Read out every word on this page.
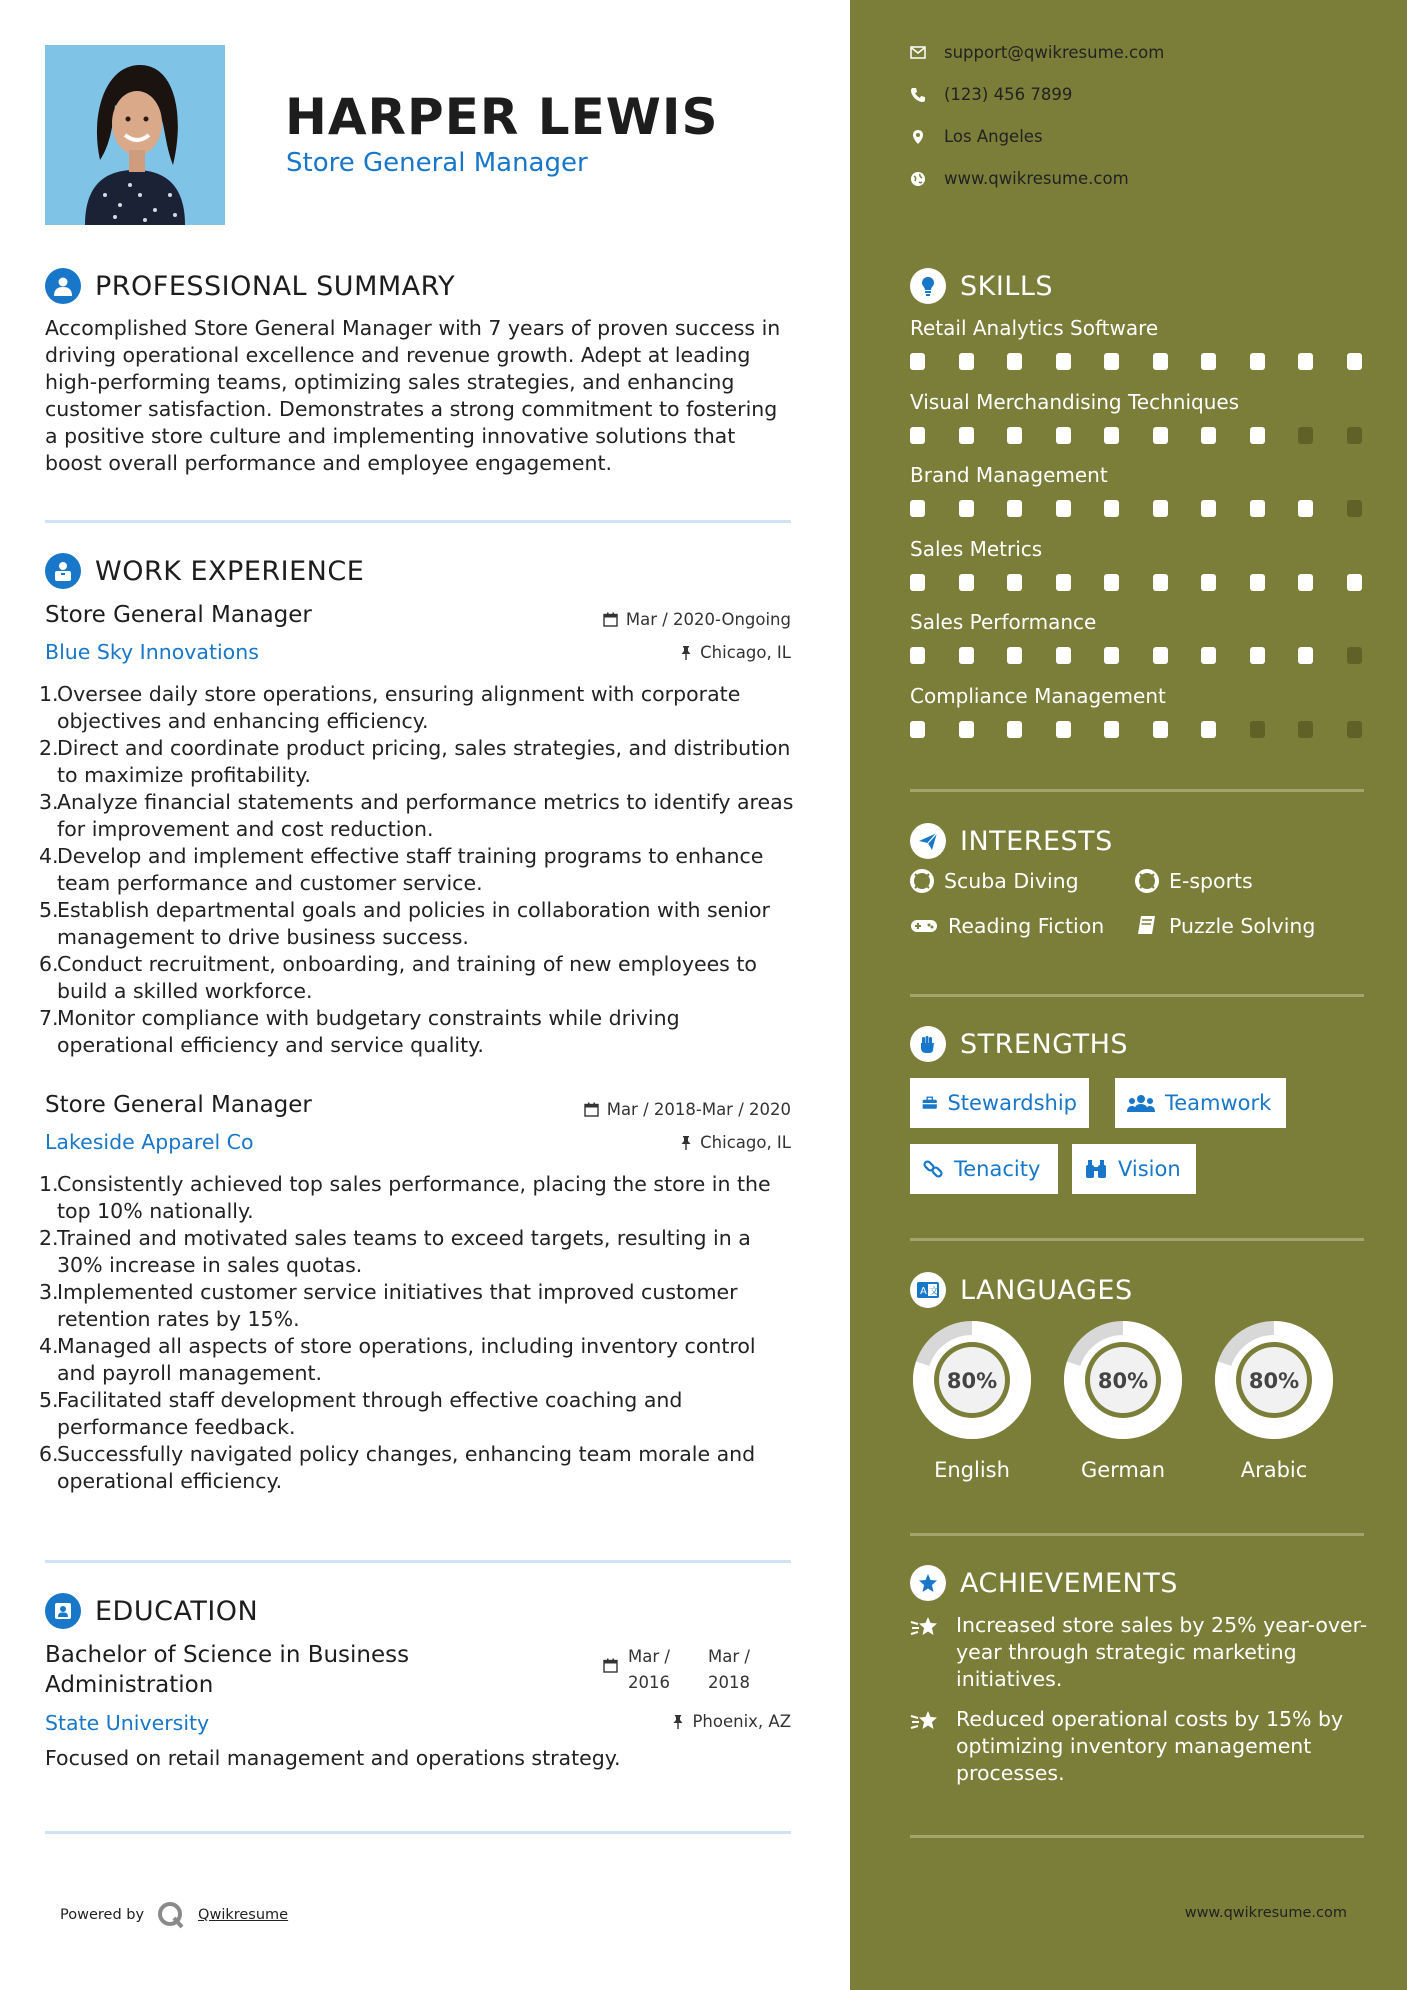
HARPER LEWIS
Store General Manager
PROFESSIONAL SUMMARY
Accomplished Store General Manager with 7 years of proven success in driving operational excellence and revenue growth. Adept at leading high-performing teams, optimizing sales strategies, and enhancing customer satisfaction. Demonstrates a strong commitment to fostering a positive store culture and implementing innovative solutions that boost overall performance and employee engagement.
WORK EXPERIENCE
Store General Manager	Mar / 2020-Ongoing
Blue Sky Innovations	Chicago, IL
1.
Oversee daily store operations, ensuring alignment with corporate objectives and enhancing efficiency.
2.
Direct and coordinate product pricing, sales strategies, and distribution to maximize profitability.
3.
Analyze financial statements and performance metrics to identify areas for improvement and cost reduction.
4.
Develop and implement effective staff training programs to enhance team performance and customer service.
5.
Establish departmental goals and policies in collaboration with senior management to drive business success.
6.
Conduct recruitment, onboarding, and training of new employees to build a skilled workforce.
7.
Monitor compliance with budgetary constraints while driving operational efficiency and service quality.
Store General Manager	Mar / 2018-Mar / 2020
Lakeside Apparel Co	Chicago, IL
1.
Consistently achieved top sales performance, placing the store in the top 10% nationally.
2.
Trained and motivated sales teams to exceed targets, resulting in a 30% increase in sales quotas.
3.
Implemented customer service initiatives that improved customer retention rates by 15%.
4.
Managed all aspects of store operations, including inventory control and payroll management.
5.
Facilitated staff development through effective coaching and performance feedback.
6.
Successfully navigated policy changes, enhancing team morale and operational efficiency.
EDUCATION
Bachelor of Science in Business Administration
Mar /
2016
Mar /
2018
State University	Phoenix, AZ
Focused on retail management and operations strategy.
Powered by	Qwikresume
support@qwikresume.com
(123) 456 7899
Los Angeles
www.qwikresume.com
SKILLS
Retail Analytics Software
Visual Merchandising Techniques
Brand Management
Sales Metrics
Sales Performance
Compliance Management
INTERESTS
Scuba Diving	E-sports
Reading Fiction	Puzzle Solving
STRENGTHS
Stewardship	Teamwork
Tenacity	Vision
A 文 LANGUAGES
80%
English
80%
German
80%
Arabic
ACHIEVEMENTS
Increased store sales by 25% year-over-year through strategic marketing initiatives.
Reduced operational costs by 15% by optimizing inventory management processes.
www.qwikresume.com
